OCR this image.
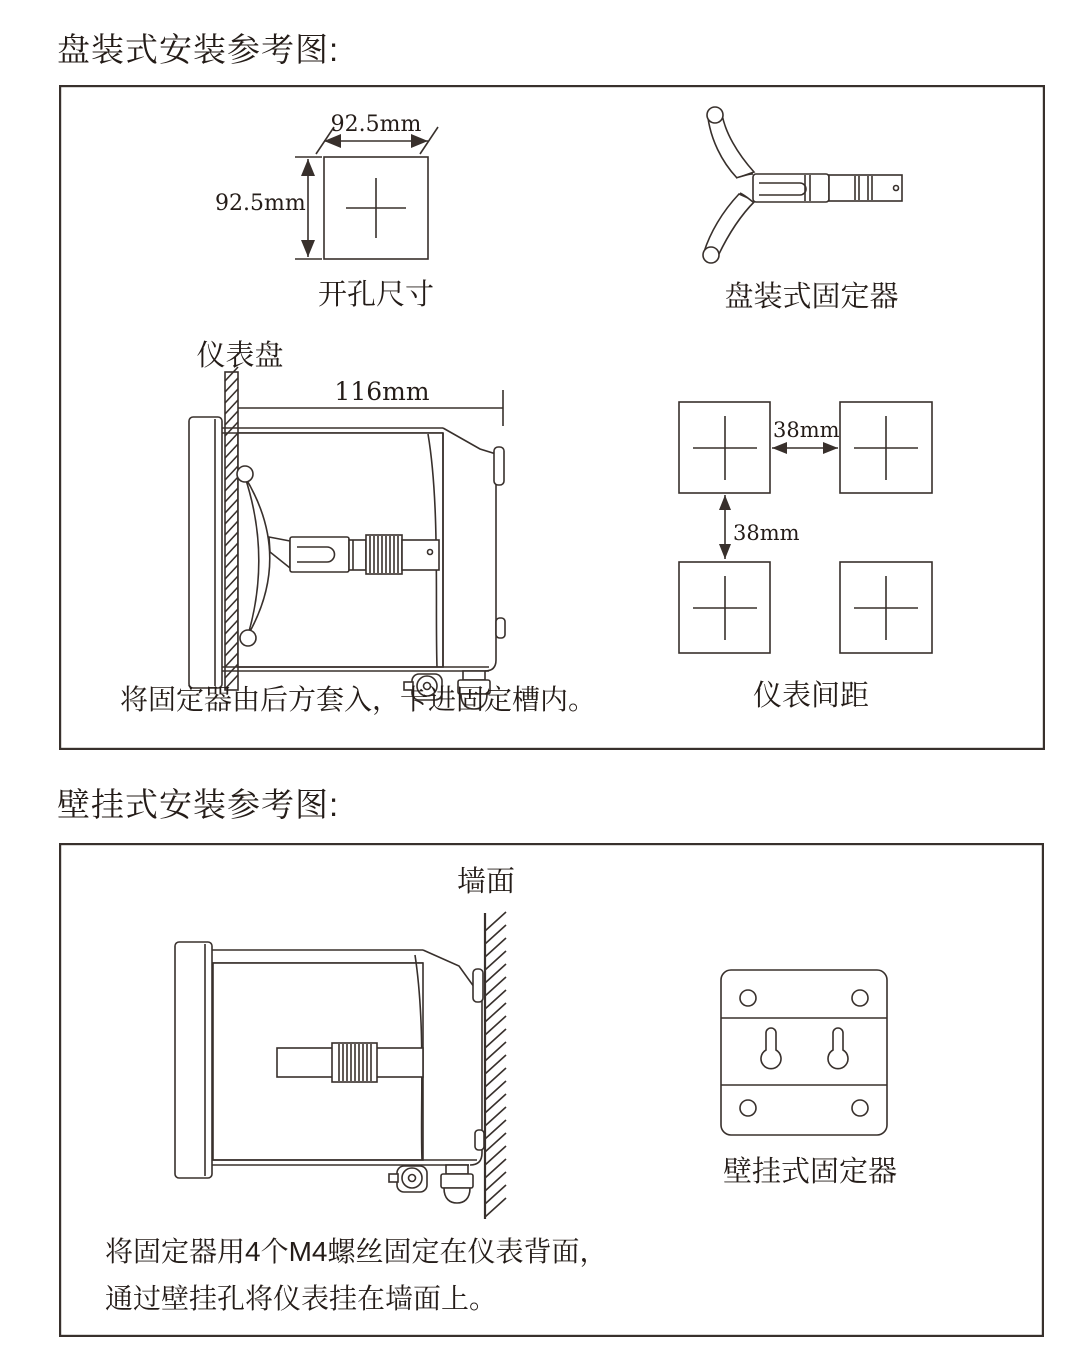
盘装式安装参考图:
92.5mm
92.5mm
开孔尺寸	盘装式固定器
仪表盘
116mm
将固定器由后方套入，卡进固定槽内。
38mm
38mm
仪表间距
壁挂式安装参考图:
墙面
壁挂式固定器
将固定器用4个M4螺丝固定在仪表背面，
通过壁挂孔将仪表挂在墙面上。
